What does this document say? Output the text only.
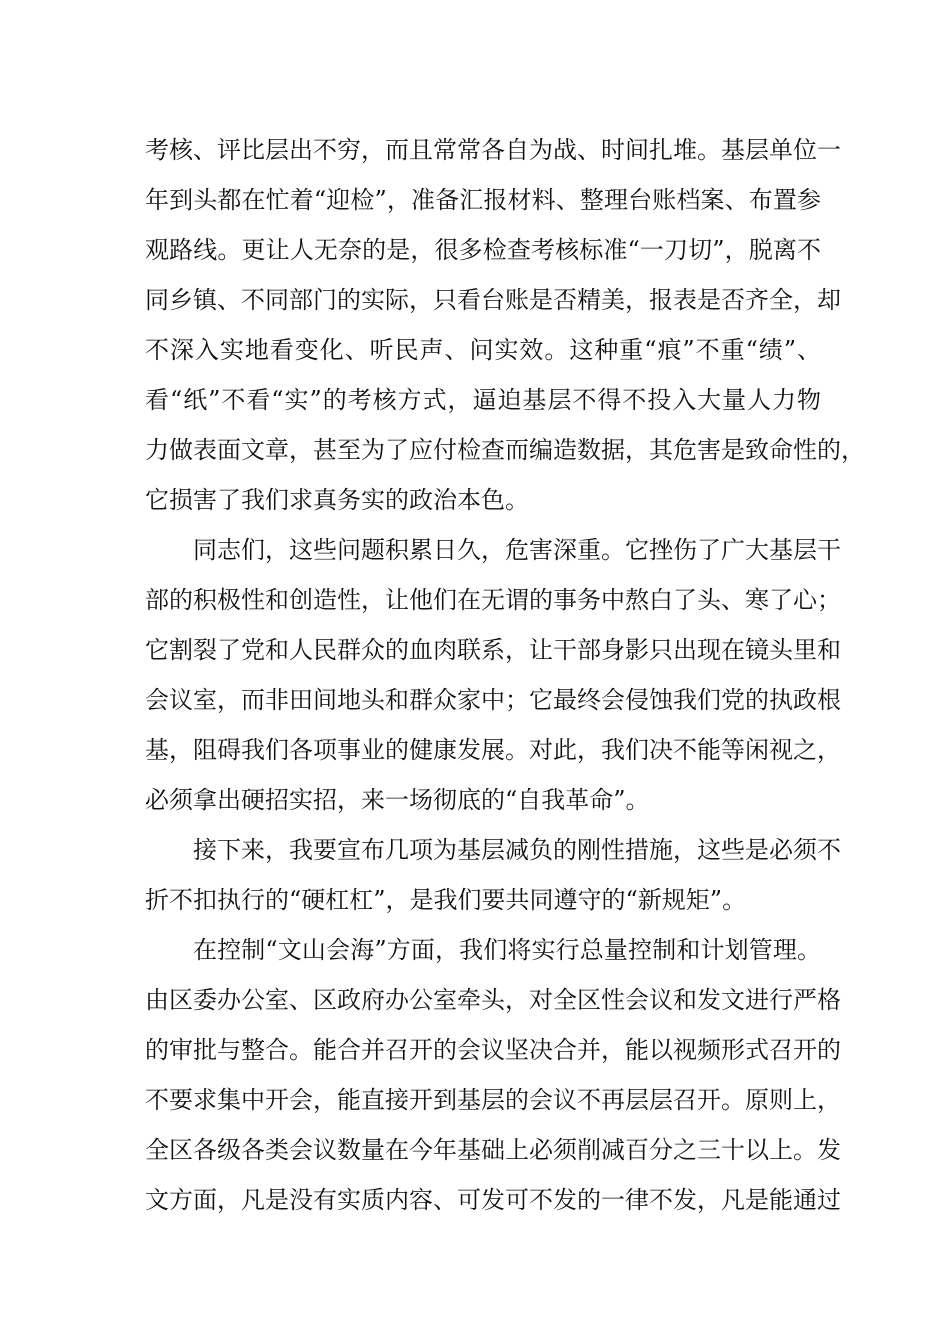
考核、评比层出不穷，而且常常各自为战、时间扎堆。基层单位一
年到头都在忙着“迎检”，准备汇报材料、整理台账档案、布置参
观路线。更让人无奈的是，很多检查考核标准“一刀切”，脱离不
同乡镇、不同部门的实际，只看台账是否精美，报表是否齐全，却
不深入实地看变化、听民声、问实效。这种重“痕”不重“绩”、
看“纸”不看“实”的考核方式，逼迫基层不得不投入大量人力物
力做表面文章，甚至为了应付检查而编造数据，其危害是致命性的，
它损害了我们求真务实的政治本色。
同志们，这些问题积累日久，危害深重。它挫伤了广大基层干
部的积极性和创造性，让他们在无谓的事务中熬白了头、寒了心；
它割裂了党和人民群众的血肉联系，让干部身影只出现在镜头里和
会议室，而非田间地头和群众家中；它最终会侵蚀我们党的执政根
基，阻碍我们各项事业的健康发展。对此，我们决不能等闲视之，
必须拿出硬招实招，来一场彻底的“自我革命”。
接下来，我要宣布几项为基层减负的刚性措施，这些是必须不
折不扣执行的“硬杠杠”，是我们要共同遵守的“新规矩”。
在控制“文山会海”方面，我们将实行总量控制和计划管理。
由区委办公室、区政府办公室牵头，对全区性会议和发文进行严格
的审批与整合。能合并召开的会议坚决合并，能以视频形式召开的
不要求集中开会，能直接开到基层的会议不再层层召开。原则上，
全区各级各类会议数量在今年基础上必须削减百分之三十以上。发
文方面，凡是没有实质内容、可发可不发的一律不发，凡是能通过
